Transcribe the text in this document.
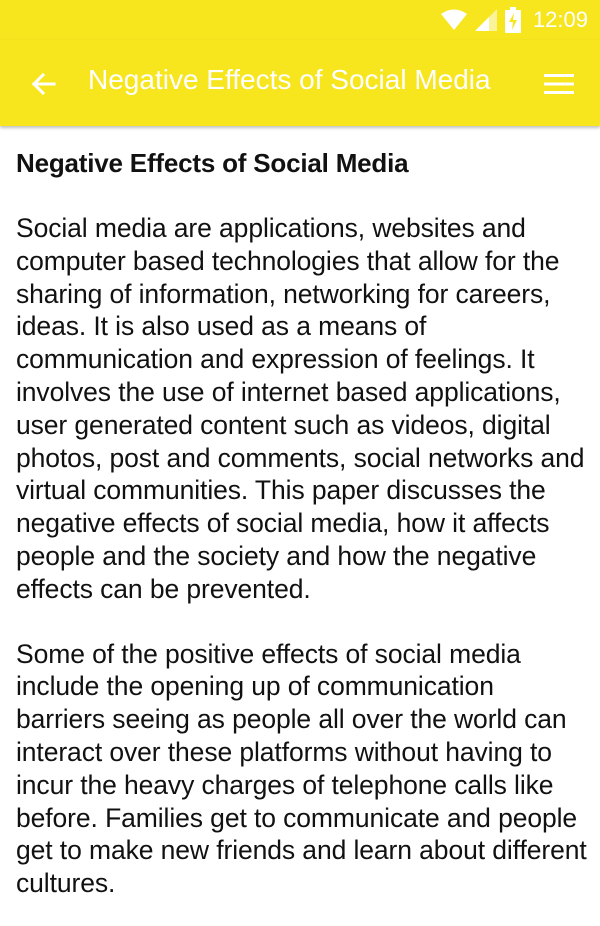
12:09
Negative Effects of Social Media
Negative Effects of Social Media

Social media are applications, websites and computer based technologies that allow for the sharing of information, networking for careers, ideas. It is also used as a means of communication and expression of feelings. It involves the use of internet based applications, user generated content such as videos, digital photos, post and comments, social networks and virtual communities. This paper discusses the negative effects of social media, how it affects people and the society and how the negative effects can be prevented.

Some of the positive effects of social media include the opening up of communication barriers seeing as people all over the world can interact over these platforms without having to incur the heavy charges of telephone calls like before. Families get to communicate and people get to make new friends and learn about different cultures.
